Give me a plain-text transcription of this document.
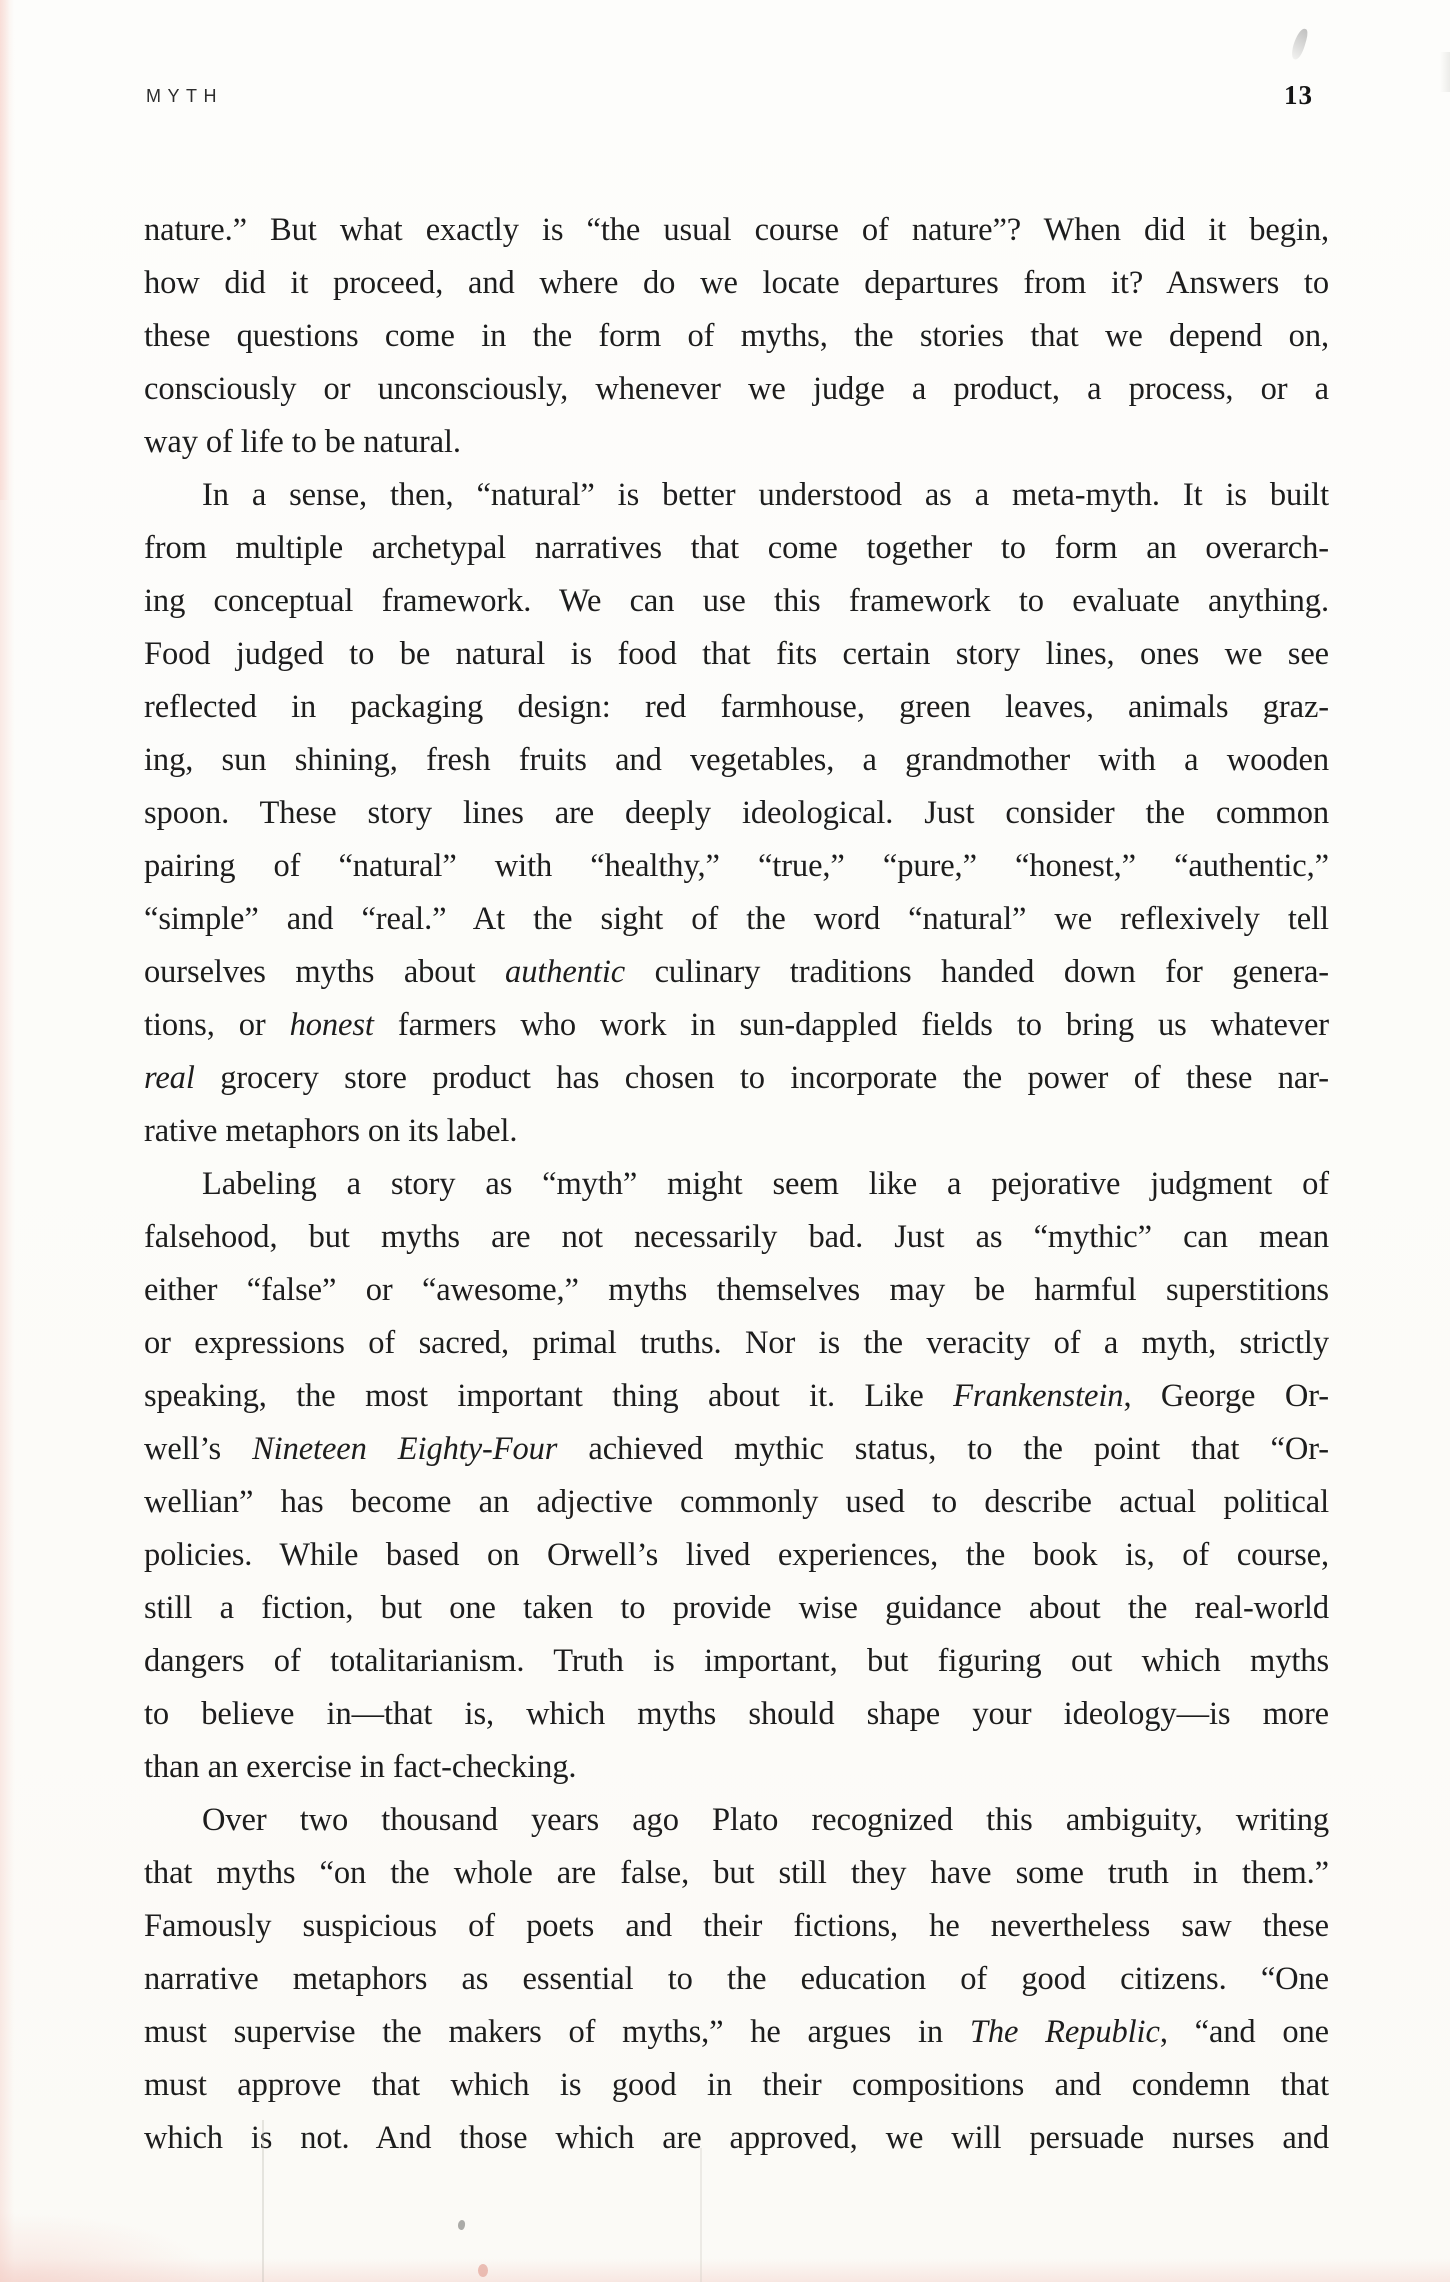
MYTH	13
nature.” But what exactly is “the usual course of nature”? When did it begin,
how did it proceed, and where do we locate departures from it? Answers to
these questions come in the form of myths, the stories that we depend on,
consciously or unconsciously, whenever we judge a product, a process, or a
way of life to be natural.
In a sense, then, “natural” is better understood as a meta-myth. It is built
from multiple archetypal narratives that come together to form an overarch-
ing conceptual framework. We can use this framework to evaluate anything.
Food judged to be natural is food that fits certain story lines, ones we see
reflected in packaging design: red farmhouse, green leaves, animals graz-
ing, sun shining, fresh fruits and vegetables, a grandmother with a wooden
spoon. These story lines are deeply ideological. Just consider the common
pairing of “natural” with “healthy,” “true,” “pure,” “honest,” “authentic,”
“simple” and “real.” At the sight of the word “natural” we reflexively tell
ourselves myths about authentic culinary traditions handed down for genera-
tions, or honest farmers who work in sun-dappled fields to bring us whatever
real grocery store product has chosen to incorporate the power of these nar-
rative metaphors on its label.
Labeling a story as “myth” might seem like a pejorative judgment of
falsehood, but myths are not necessarily bad. Just as “mythic” can mean
either “false” or “awesome,” myths themselves may be harmful superstitions
or expressions of sacred, primal truths. Nor is the veracity of a myth, strictly
speaking, the most important thing about it. Like Frankenstein, George Or-
well’s Nineteen Eighty-Four achieved mythic status, to the point that “Or-
wellian” has become an adjective commonly used to describe actual political
policies. While based on Orwell’s lived experiences, the book is, of course,
still a fiction, but one taken to provide wise guidance about the real-world
dangers of totalitarianism. Truth is important, but figuring out which myths
to believe in—that is, which myths should shape your ideology—is more
than an exercise in fact-checking.
Over two thousand years ago Plato recognized this ambiguity, writing
that myths “on the whole are false, but still they have some truth in them.”
Famously suspicious of poets and their fictions, he nevertheless saw these
narrative metaphors as essential to the education of good citizens. “One
must supervise the makers of myths,” he argues in The Republic, “and one
must approve that which is good in their compositions and condemn that
which is not. And those which are approved, we will persuade nurses and
